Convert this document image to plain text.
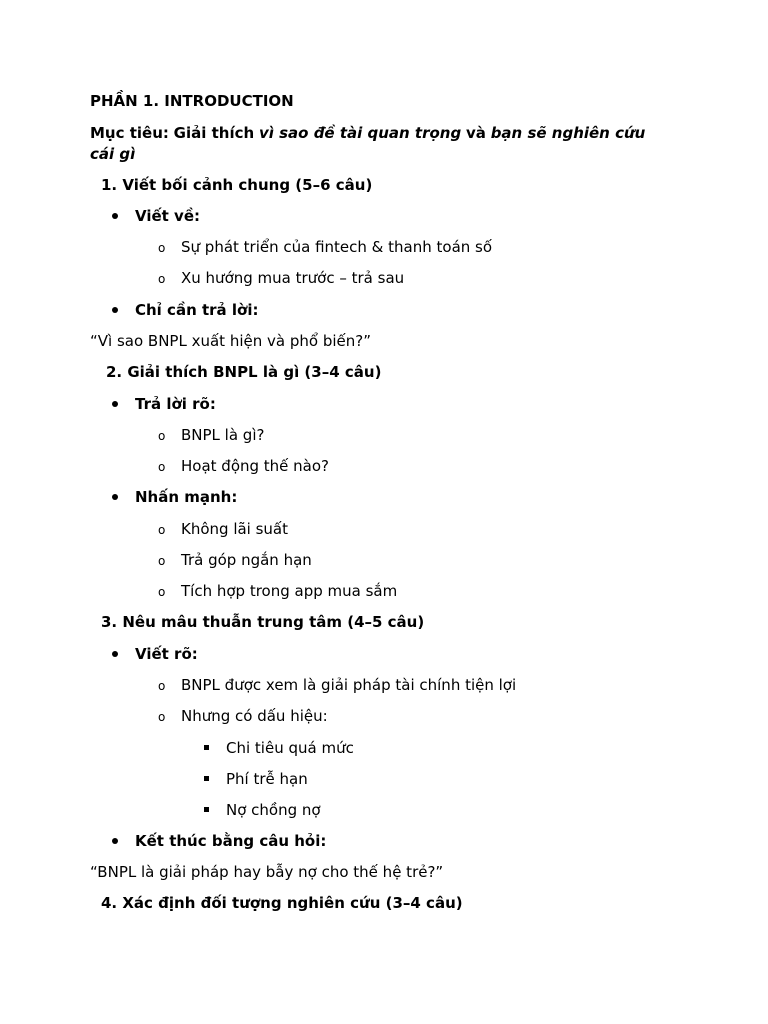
PHẦN 1. INTRODUCTION
Mục tiêu: Giải thích vì sao đề tài quan trọng và bạn sẽ nghiên cứu
cái gì
1. Viết bối cảnh chung (5–6 câu)
Viết về:
o Sự phát triển của fintech & thanh toán số
o Xu hướng mua trước – trả sau
Chỉ cần trả lời:
“Vì sao BNPL xuất hiện và phổ biến?”
2. Giải thích BNPL là gì (3–4 câu)
Trả lời rõ:
o BNPL là gì?
o Hoạt động thế nào?
Nhấn mạnh:
o Không lãi suất
o Trả góp ngắn hạn
o Tích hợp trong app mua sắm
3. Nêu mâu thuẫn trung tâm (4–5 câu)
Viết rõ:
o BNPL được xem là giải pháp tài chính tiện lợi
o Nhưng có dấu hiệu:
Chi tiêu quá mức
Phí trễ hạn
Nợ chồng nợ
Kết thúc bằng câu hỏi:
“BNPL là giải pháp hay bẫy nợ cho thế hệ trẻ?”
4. Xác định đối tượng nghiên cứu (3–4 câu)
